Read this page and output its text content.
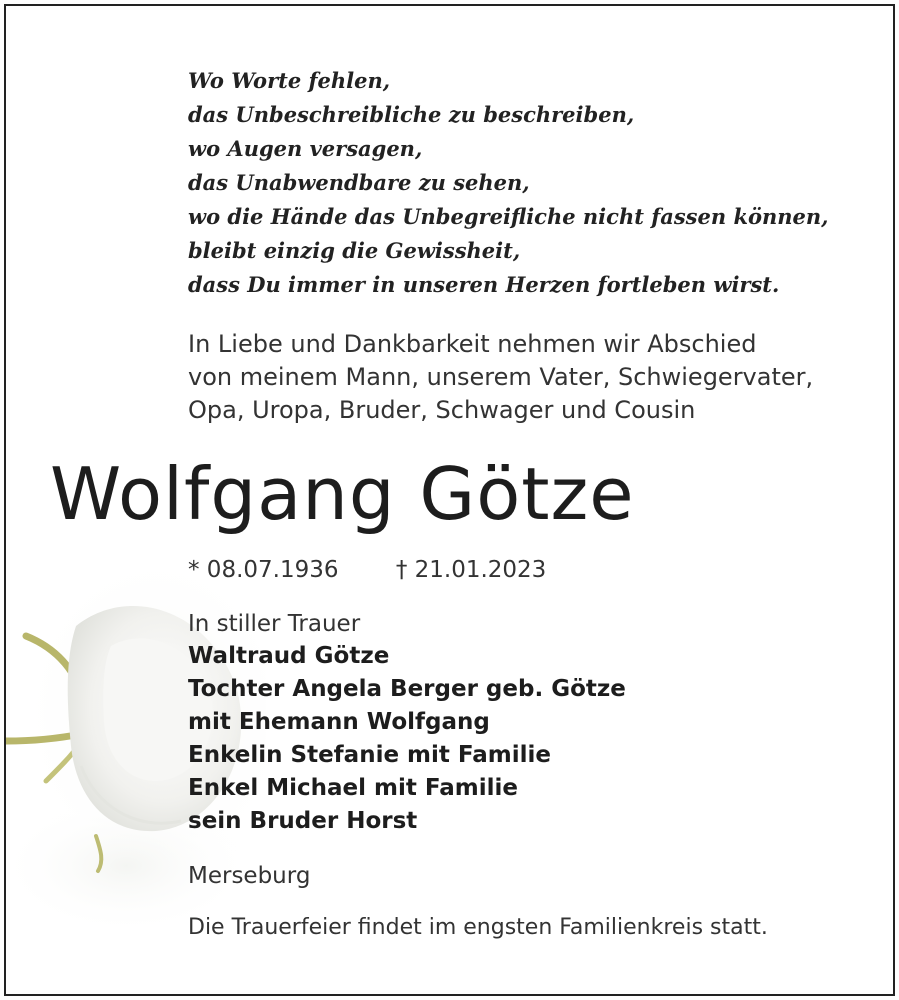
Wo Worte fehlen,
das Unbeschreibliche zu beschreiben,
wo Augen versagen,
das Unabwendbare zu sehen,
wo die Hände das Unbegreifliche nicht fassen können,
bleibt einzig die Gewissheit,
dass Du immer in unseren Herzen fortleben wirst.
In Liebe und Dankbarkeit nehmen wir Abschied
von meinem Mann, unserem Vater, Schwiegervater,
Opa, Uropa, Bruder, Schwager und Cousin
Wolfgang Götze
* 08.07.1936 † 21.01.2023
In stiller Trauer
Waltraud Götze
Tochter Angela Berger geb. Götze
mit Ehemann Wolfgang
Enkelin Stefanie mit Familie
Enkel Michael mit Familie
sein Bruder Horst
Merseburg
Die Trauerfeier findet im engsten Familienkreis statt.
